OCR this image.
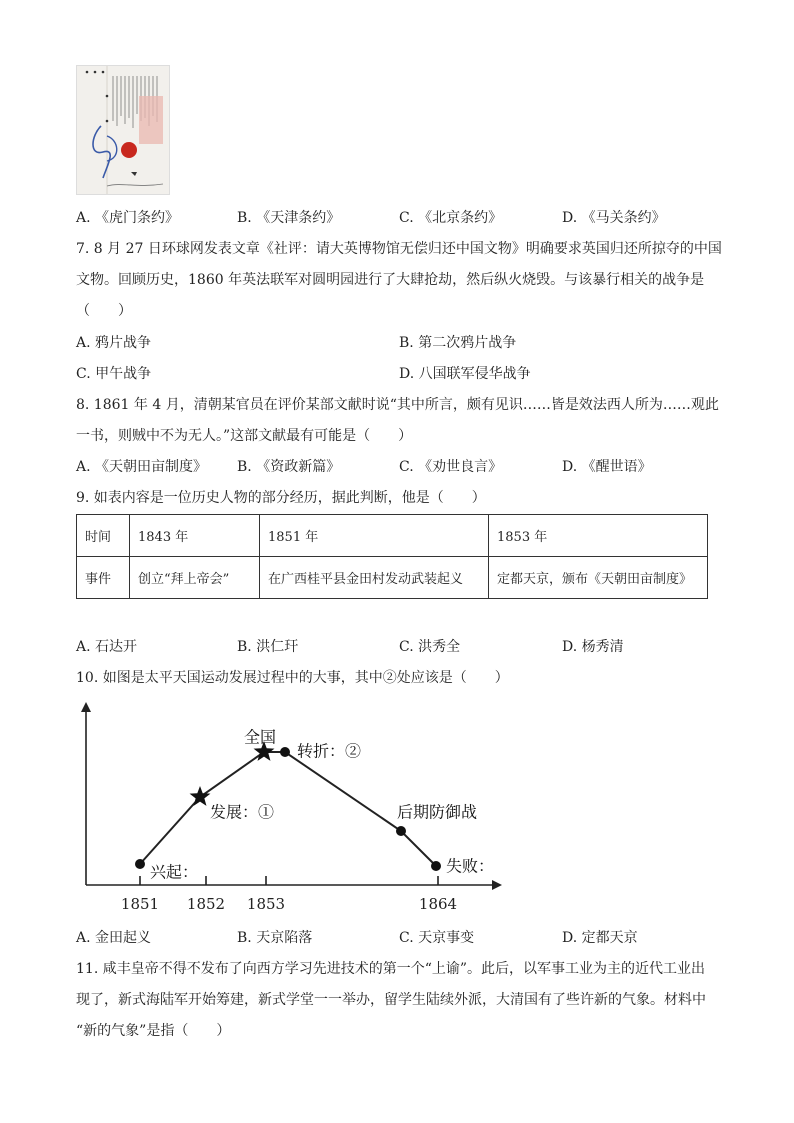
A. 《虎门条约》	B. 《天津条约》	C. 《北京条约》	D. 《马关条约》
7. 8 月 27 日环球网发表文章《社评：请大英博物馆无偿归还中国文物》明确要求英国归还所掠夺的中国
文物。回顾历史，1860 年英法联军对圆明园进行了大肆抢劫，然后纵火烧毁。与该暴行相关的战争是
（　　）
A. 鸦片战争	B. 第二次鸦片战争
C. 甲午战争	D. 八国联军侵华战争
8. 1861 年 4 月，清朝某官员在评价某部文献时说“其中所言，颇有见识……皆是效法西人所为……观此
一书，则贼中不为无人。”这部文献最有可能是（　　）
A. 《天朝田亩制度》 B. 《资政新篇》	C. 《劝世良言》	D. 《醒世语》
9. 如表内容是一位历史人物的部分经历，据此判断，他是（　　）
时间	1843 年	1851 年	1853 年
事件	创立“拜上帝会”	在广西桂平县金田村发动武装起义	定都天京，颁布《天朝田亩制度》
A. 石达开	B. 洪仁玕	C. 洪秀全	D. 杨秀清
10. 如图是太平天国运动发展过程中的大事，其中②处应该是（　　）
1851 1852 1853	1864
兴起：
发展：①
全国
转折：②
后期防御战
失败：
A. 金田起义	B. 天京陷落	C. 天京事变	D. 定都天京
11. 咸丰皇帝不得不发布了向西方学习先进技术的第一个“上谕”。此后，以军事工业为主的近代工业出
现了，新式海陆军开始筹建，新式学堂一一举办，留学生陆续外派，大清国有了些许新的气象。材料中
“新的气象”是指（　　）
